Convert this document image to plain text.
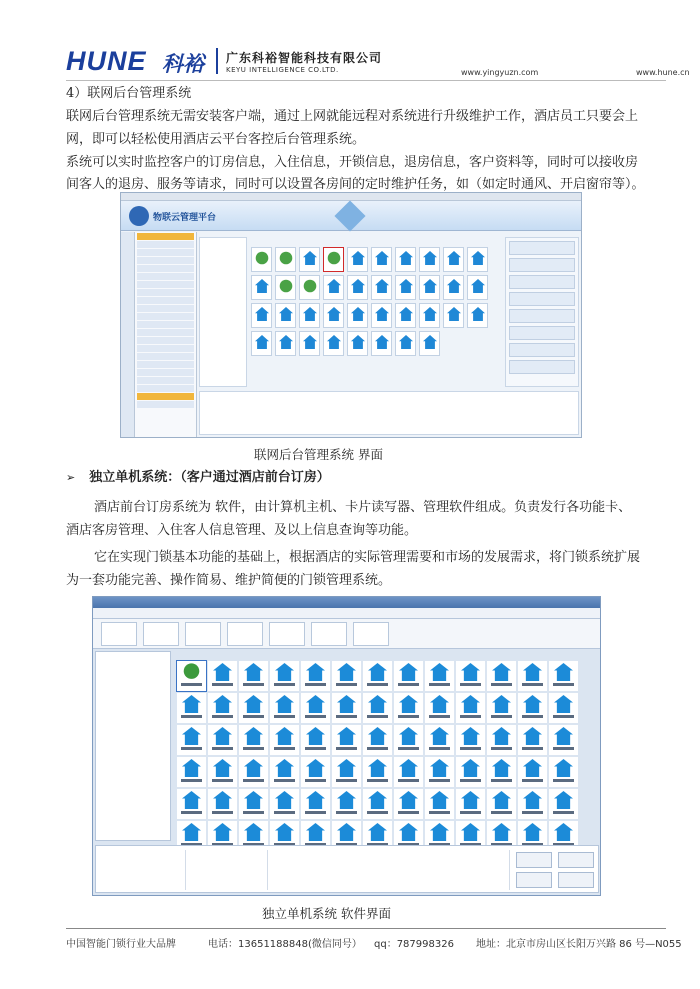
HUNE 科裕 广东科裕智能科技有限公司
KEYU INTELLIGENCE CO.LTD.	www.yingyuzn.com	www.hune.cn
4）联网后台管理系统
联网后台管理系统无需安装客户端，通过上网就能远程对系统进行升级维护工作，酒店员工只要会上
网，即可以轻松使用酒店云平台客控后台管理系统。
系统可以实时监控客户的订房信息，入住信息，开锁信息，退房信息，客户资料等，同时可以接收房
间客人的退房、服务等请求，同时可以设置各房间的定时维护任务，如（如定时通风、开启窗帘等）。
物联云管理平台
联网后台管理系统 界面
➢ 独立单机系统：（客户通过酒店前台订房）
酒店前台订房系统为 软件，由计算机主机、卡片读写器、管理软件组成。负责发行各功能卡、
酒店客房管理、入住客人信息管理、及以上信息查询等功能。
它在实现门锁基本功能的基础上，根据酒店的实际管理需要和市场的发展需求，将门锁系统扩展
为一套功能完善、操作简易、维护简便的门锁管理系统。
独立单机系统 软件界面
中国智能门锁行业大品牌	电话：13651188848(微信同号） qq：787998326 地址：北京市房山区长阳万兴路 86 号—N055
